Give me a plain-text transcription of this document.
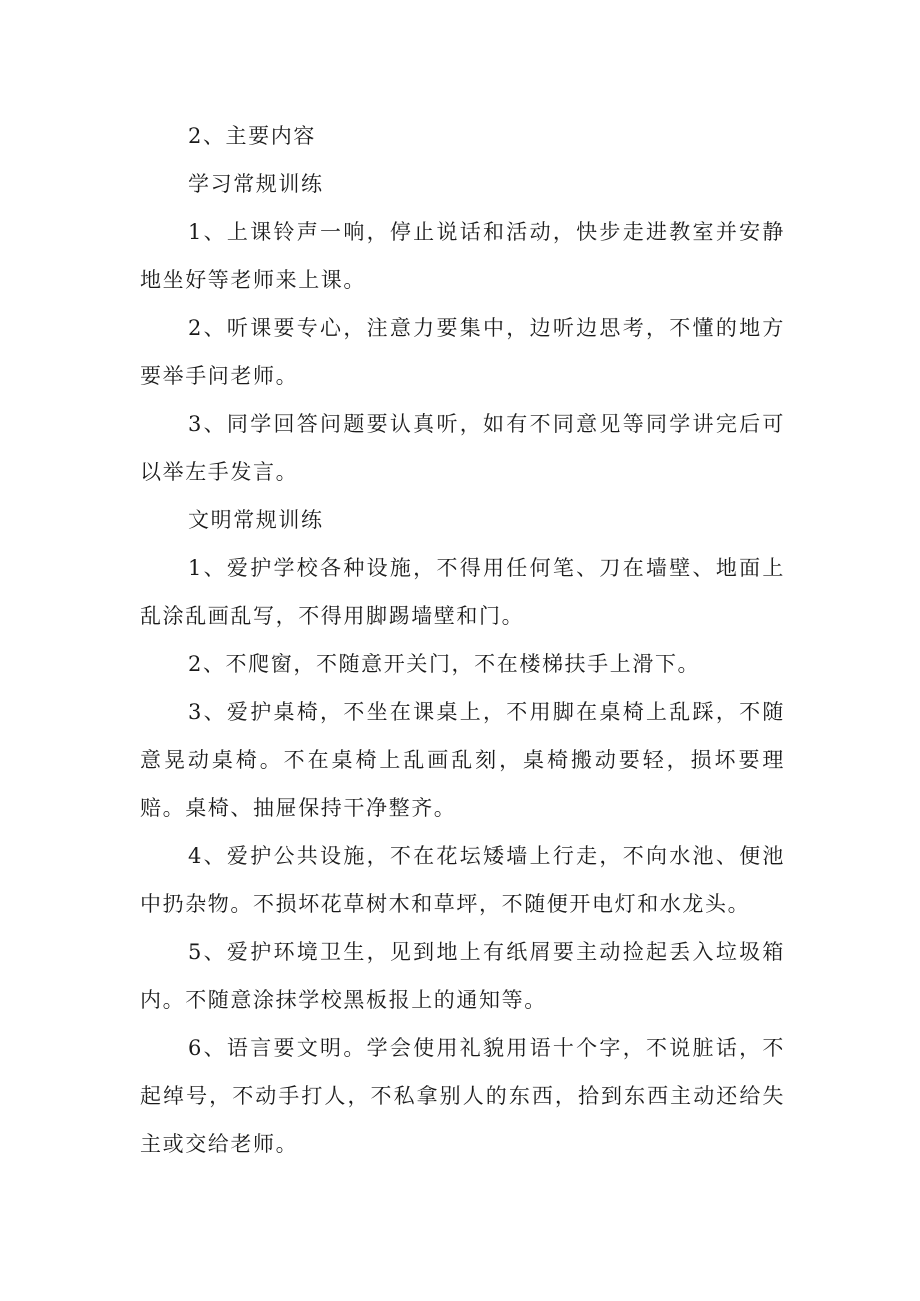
2、主要内容

学习常规训练

1、上课铃声一响，停止说话和活动，快步走进教室并安静地坐好等老师来上课。

2、听课要专心，注意力要集中，边听边思考，不懂的地方要举手问老师。

3、同学回答问题要认真听，如有不同意见等同学讲完后可以举左手发言。

文明常规训练

1、爱护学校各种设施，不得用任何笔、刀在墙壁、地面上乱涂乱画乱写，不得用脚踢墙壁和门。

2、不爬窗，不随意开关门，不在楼梯扶手上滑下。

3、爱护桌椅，不坐在课桌上，不用脚在桌椅上乱踩，不随意晃动桌椅。不在桌椅上乱画乱刻，桌椅搬动要轻，损坏要理赔。桌椅、抽屉保持干净整齐。

4、爱护公共设施，不在花坛矮墙上行走，不向水池、便池中扔杂物。不损坏花草树木和草坪，不随便开电灯和水龙头。

5、爱护环境卫生，见到地上有纸屑要主动捡起丢入垃圾箱内。不随意涂抹学校黑板报上的通知等。

6、语言要文明。学会使用礼貌用语十个字，不说脏话，不起绰号，不动手打人，不私拿别人的东西，拾到东西主动还给失主或交给老师。
